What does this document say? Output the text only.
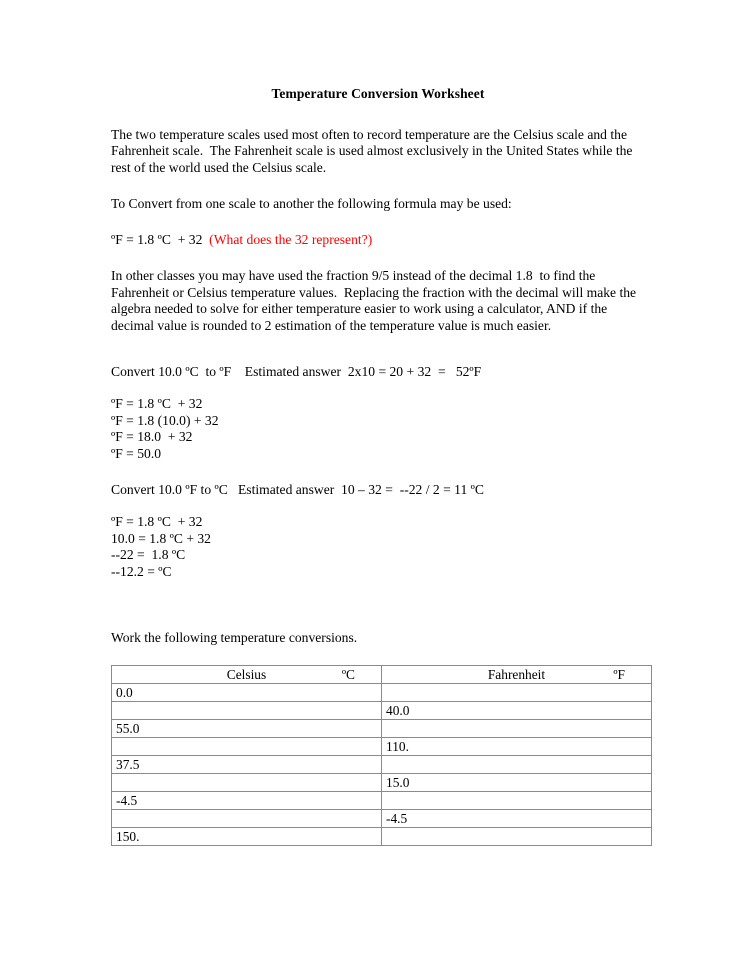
Temperature Conversion Worksheet

The two temperature scales used most often to record temperature are the Celsius scale and the Fahrenheit scale.  The Fahrenheit scale is used almost exclusively in the United States while the rest of the world used the Celsius scale.

To Convert from one scale to another the following formula may be used:

ºF = 1.8 ºC  + 32 (What does the 32 represent?)

In other classes you may have used the fraction 9/5 instead of the decimal 1.8  to find the Fahrenheit or Celsius temperature values.  Replacing the fraction with the decimal will make the algebra needed to solve for either temperature easier to work using a calculator, AND if the decimal value is rounded to 2 estimation of the temperature value is much easier.

Convert 10.0 ºC  to ºF    Estimated answer  2x10 = 20 + 32  =   52ºF
ºF = 1.8 ºC  + 32
ºF = 1.8 (10.0) + 32
ºF = 18.0  + 32
ºF = 50.0
Convert 10.0 ºF to ºC   Estimated answer  10 – 32 =  --22 / 2 = 11 ºC
ºF = 1.8 ºC  + 32
10.0 = 1.8 ºC + 32
--22 =  1.8 ºC
--12.2 = ºC

Work the following temperature conversions.

Celsius ºC	Fahrenheit ºF

0.0	
	40.0
55.0	
	110.
37.5	
	15.0
-4.5	
	-4.5
150.	
